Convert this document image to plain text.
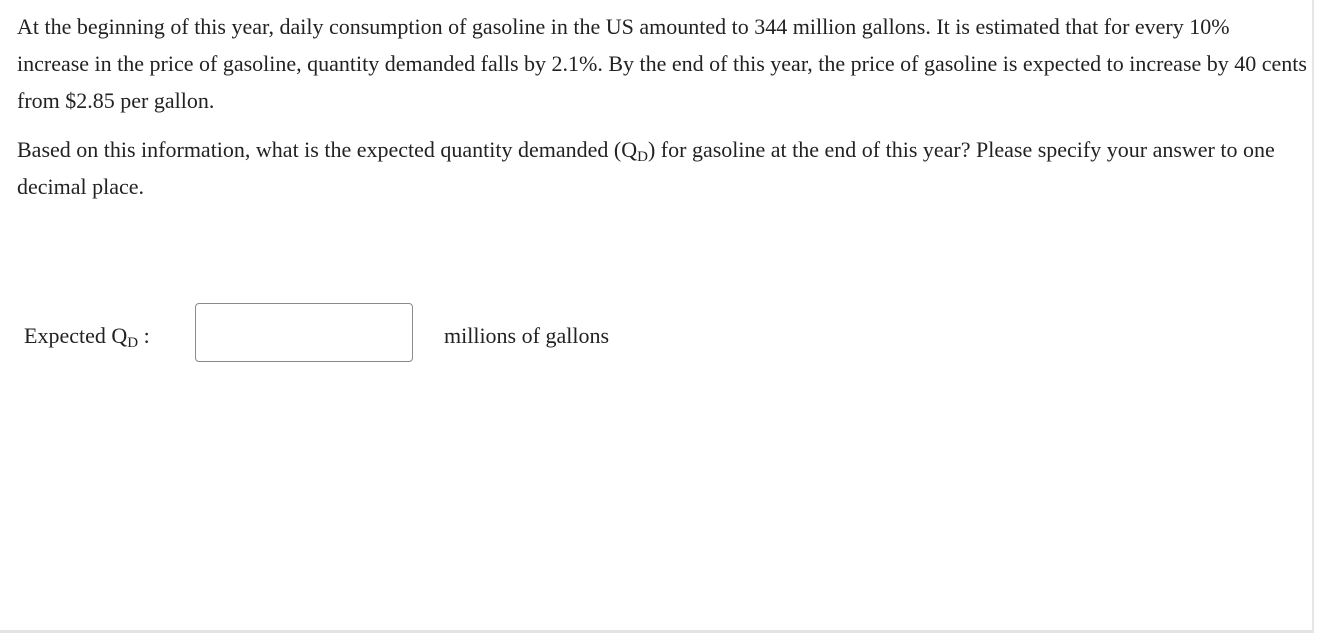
At the beginning of this year, daily consumption of gasoline in the US amounted to 344 million gallons. It is estimated that for every 10% increase in the price of gasoline, quantity demanded falls by 2.1%. By the end of this year, the price of gasoline is expected to increase by 40 cents from $2.85 per gallon.

Based on this information, what is the expected quantity demanded $(Q_D)$ for gasoline at the end of this year? Please specify your answer to one decimal place.

Expected $Q_D$ :	millions of gallons
